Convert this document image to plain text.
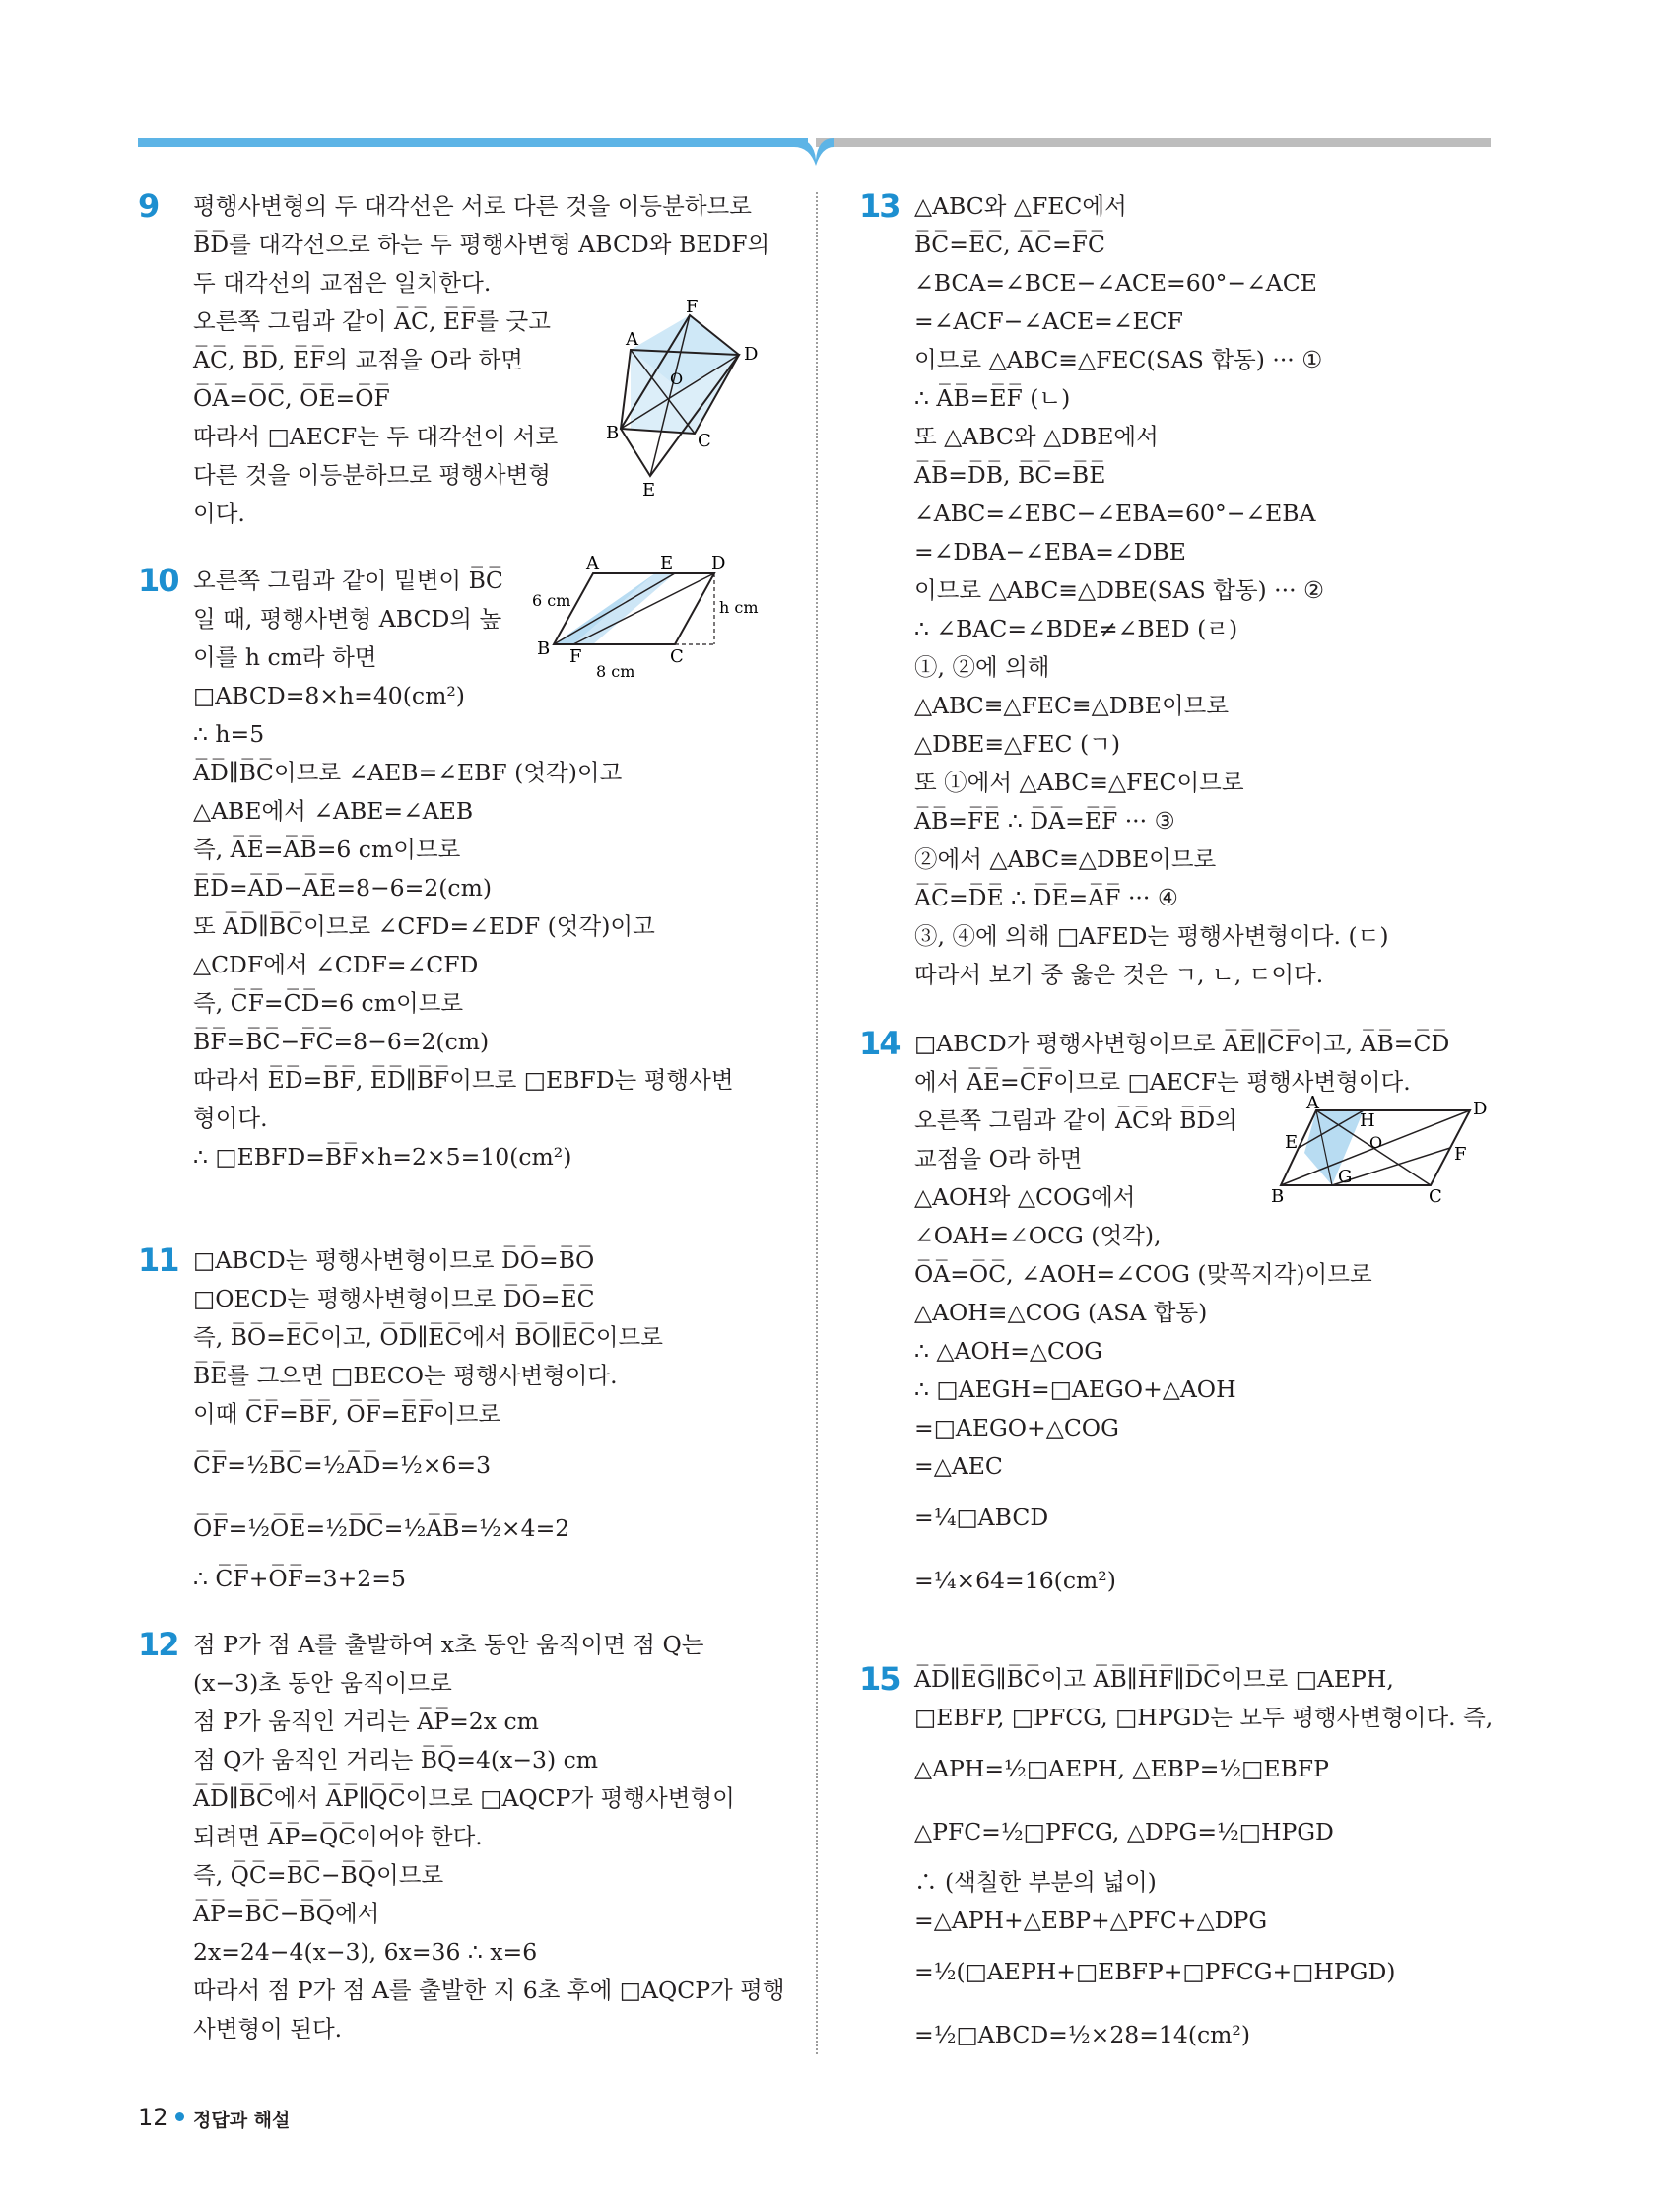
9 평행사변형의 두 대각선은 서로 다른 것을 이등분하므로
B̅D̅를 대각선으로 하는 두 평행사변형 ABCD와 BEDF의
두 대각선의 교점은 일치한다.
오른쪽 그림과 같이 A̅C̅, E̅F̅를 긋고
A̅C̅, B̅D̅, E̅F̅의 교점을 O라 하면
O̅A̅=O̅C̅, O̅E̅=O̅F̅
따라서 □AECF는 두 대각선이 서로
다른 것을 이등분하므로 평행사변형
이다.
A
B	C
D
E
F
O
10 오른쪽 그림과 같이 밑변이 B̅C̅
일 때, 평행사변형 ABCD의 높
이를 h cm라 하면
□ABCD=8×h=40(cm²)
∴ h=5
A̅D̅∥B̅C̅이므로 ∠AEB=∠EBF (엇각)이고
△ABE에서 ∠ABE=∠AEB
즉, A̅E̅=A̅B̅=6 cm이므로
E̅D̅=A̅D̅−A̅E̅=8−6=2(cm)
또 A̅D̅∥B̅C̅이므로 ∠CFD=∠EDF (엇각)이고
△CDF에서 ∠CDF=∠CFD
즉, C̅F̅=C̅D̅=6 cm이므로
B̅F̅=B̅C̅−F̅C̅=8−6=2(cm)
따라서 E̅D̅=B̅F̅, E̅D̅∥B̅F̅이므로 □EBFD는 평행사변
형이다.
∴ □EBFD=B̅F̅×h=2×5=10(cm²)
A	E D
B F	C
6 cm
8 cm
h cm
11 □ABCD는 평행사변형이므로 D̅O̅=B̅O̅
□OECD는 평행사변형이므로 D̅O̅=E̅C̅
즉, B̅O̅=E̅C̅이고, O̅D̅∥E̅C̅에서 B̅O̅∥E̅C̅이므로
B̅E̅를 그으면 □BECO는 평행사변형이다.
이때 C̅F̅=B̅F̅, O̅F̅=E̅F̅이므로
C̅F̅=½B̅C̅=½A̅D̅=½×6=3
O̅F̅=½O̅E̅=½D̅C̅=½A̅B̅=½×4=2
∴ C̅F̅+O̅F̅=3+2=5
12 점 P가 점 A를 출발하여 x초 동안 움직이면 점 Q는
(x−3)초 동안 움직이므로
점 P가 움직인 거리는 A̅P̅=2x cm
점 Q가 움직인 거리는 B̅Q̅=4(x−3) cm
A̅D̅∥B̅C̅에서 A̅P̅∥Q̅C̅이므로 □AQCP가 평행사변형이
되려면 A̅P̅=Q̅C̅이어야 한다.
즉, Q̅C̅=B̅C̅−B̅Q̅이므로
A̅P̅=B̅C̅−B̅Q̅에서
2x=24−4(x−3), 6x=36 ∴ x=6
따라서 점 P가 점 A를 출발한 지 6초 후에 □AQCP가 평행
사변형이 된다.
13 △ABC와 △FEC에서
B̅C̅=E̅C̅, A̅C̅=F̅C̅
∠BCA=∠BCE−∠ACE=60°−∠ACE
=∠ACF−∠ACE=∠ECF
이므로 △ABC≡△FEC(SAS 합동) ··· ①
∴ A̅B̅=E̅F̅ (ㄴ)
또 △ABC와 △DBE에서
A̅B̅=D̅B̅, B̅C̅=B̅E̅
∠ABC=∠EBC−∠EBA=60°−∠EBA
=∠DBA−∠EBA=∠DBE
이므로 △ABC≡△DBE(SAS 합동) ··· ②
∴ ∠BAC=∠BDE≠∠BED (ㄹ)
①, ②에 의해
△ABC≡△FEC≡△DBE이므로
△DBE≡△FEC (ㄱ)
또 ①에서 △ABC≡△FEC이므로
A̅B̅=F̅E̅ ∴ D̅A̅=E̅F̅ ··· ③
②에서 △ABC≡△DBE이므로
A̅C̅=D̅E̅ ∴ D̅E̅=A̅F̅ ··· ④
③, ④에 의해 □AFED는 평행사변형이다. (ㄷ)
따라서 보기 중 옳은 것은 ㄱ, ㄴ, ㄷ이다.
14 □ABCD가 평행사변형이므로 A̅E̅∥C̅F̅이고, A̅B̅=C̅D̅
에서 A̅E̅=C̅F̅이므로 □AECF는 평행사변형이다.
오른쪽 그림과 같이 A̅C̅와 B̅D̅의
교점을 O라 하면
△AOH와 △COG에서
∠OAH=∠OCG (엇각),
O̅A̅=O̅C̅, ∠AOH=∠COG (맞꼭지각)이므로
△AOH≡△COG (ASA 합동)
∴ △AOH=△COG
∴ □AEGH=□AEGO+△AOH
=□AEGO+△COG
=△AEC
=¼□ABCD
=¼×64=16(cm²)
A	D
B	C
E
F
H
G
O
15 A̅D̅∥E̅G̅∥B̅C̅이고 A̅B̅∥H̅F̅∥D̅C̅이므로 □AEPH,
□EBFP, □PFCG, □HPGD는 모두 평행사변형이다. 즉,
△APH=½□AEPH, △EBP=½□EBFP
△PFC=½□PFCG, △DPG=½□HPGD
∴ (색칠한 부분의 넓이)
=△APH+△EBP+△PFC+△DPG
=½(□AEPH+□EBFP+□PFCG+□HPGD)
=½□ABCD=½×28=14(cm²)
12 정답과 해설
